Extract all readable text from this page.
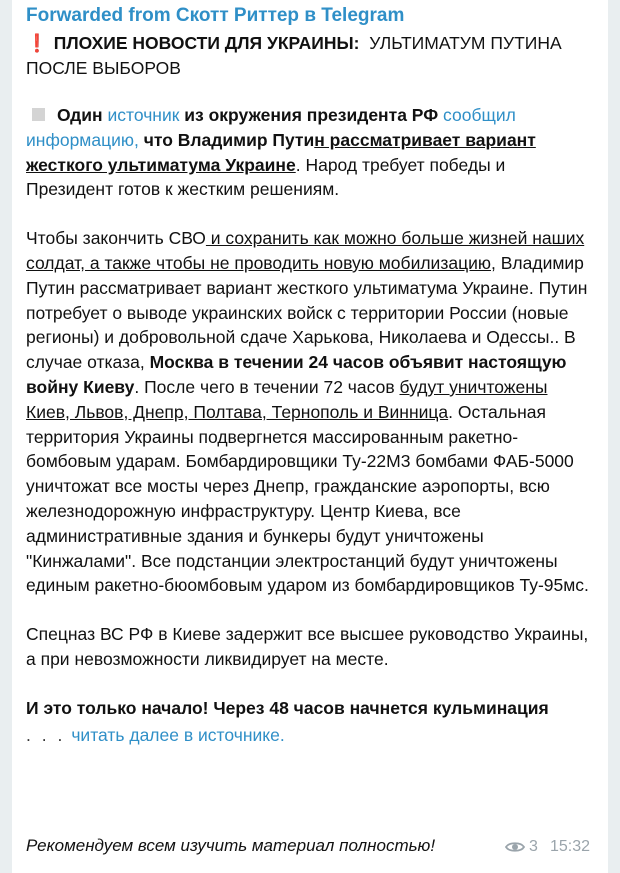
Forwarded from Скотт Риттер в Telegram
❗ ПЛОХИЕ НОВОСТИ ДЛЯ УКРАИНЫ: УЛЬТИМАТУМ ПУТИНА ПОСЛЕ ВЫБОРОВ
Один источник из окружения президента РФ сообщил информацию, что Владимир Путин рассматривает вариант жесткого ультиматума Украине. Народ требует победы и Президент готов к жестким решениям.
Чтобы закончить СВО и сохранить как можно больше жизней наших солдат, а также чтобы не проводить новую мобилизацию, Владимир Путин рассматривает вариант жесткого ультиматума Украине. Путин потребует о выводе украинских войск с территории России (новые регионы) и добровольной сдаче Харькова, Николаева и Одессы.. В случае отказа, Москва в течении 24 часов объявит настоящую войну Киеву. После чего в течении 72 часов будут уничтожены Киев, Львов, Днепр, Полтава, Тернополь и Винница. Остальная территория Украины подвергнется массированным ракетно-бомбовым ударам. Бомбардировщики Ту-22М3 бомбами ФАБ-5000 уничтожат все мосты через Днепр, гражданские аэропорты, всю железнодорожную инфраструктуру. Центр Киева, все административные здания и бункеры будут уничтожены "Кинжалами". Все подстанции электростанций будут уничтожены единым ракетно-бюомбовым ударом из бомбардировщиков Ту-95мс.
Спецназ ВС РФ в Киеве задержит все высшее руководство Украины, а при невозможности ликвидирует на месте.
И это только начало! Через 48 часов начнется кульминация
. . . читать далее в источнике.
Рекомендуем всем изучить материал полностью!	3 15:32
